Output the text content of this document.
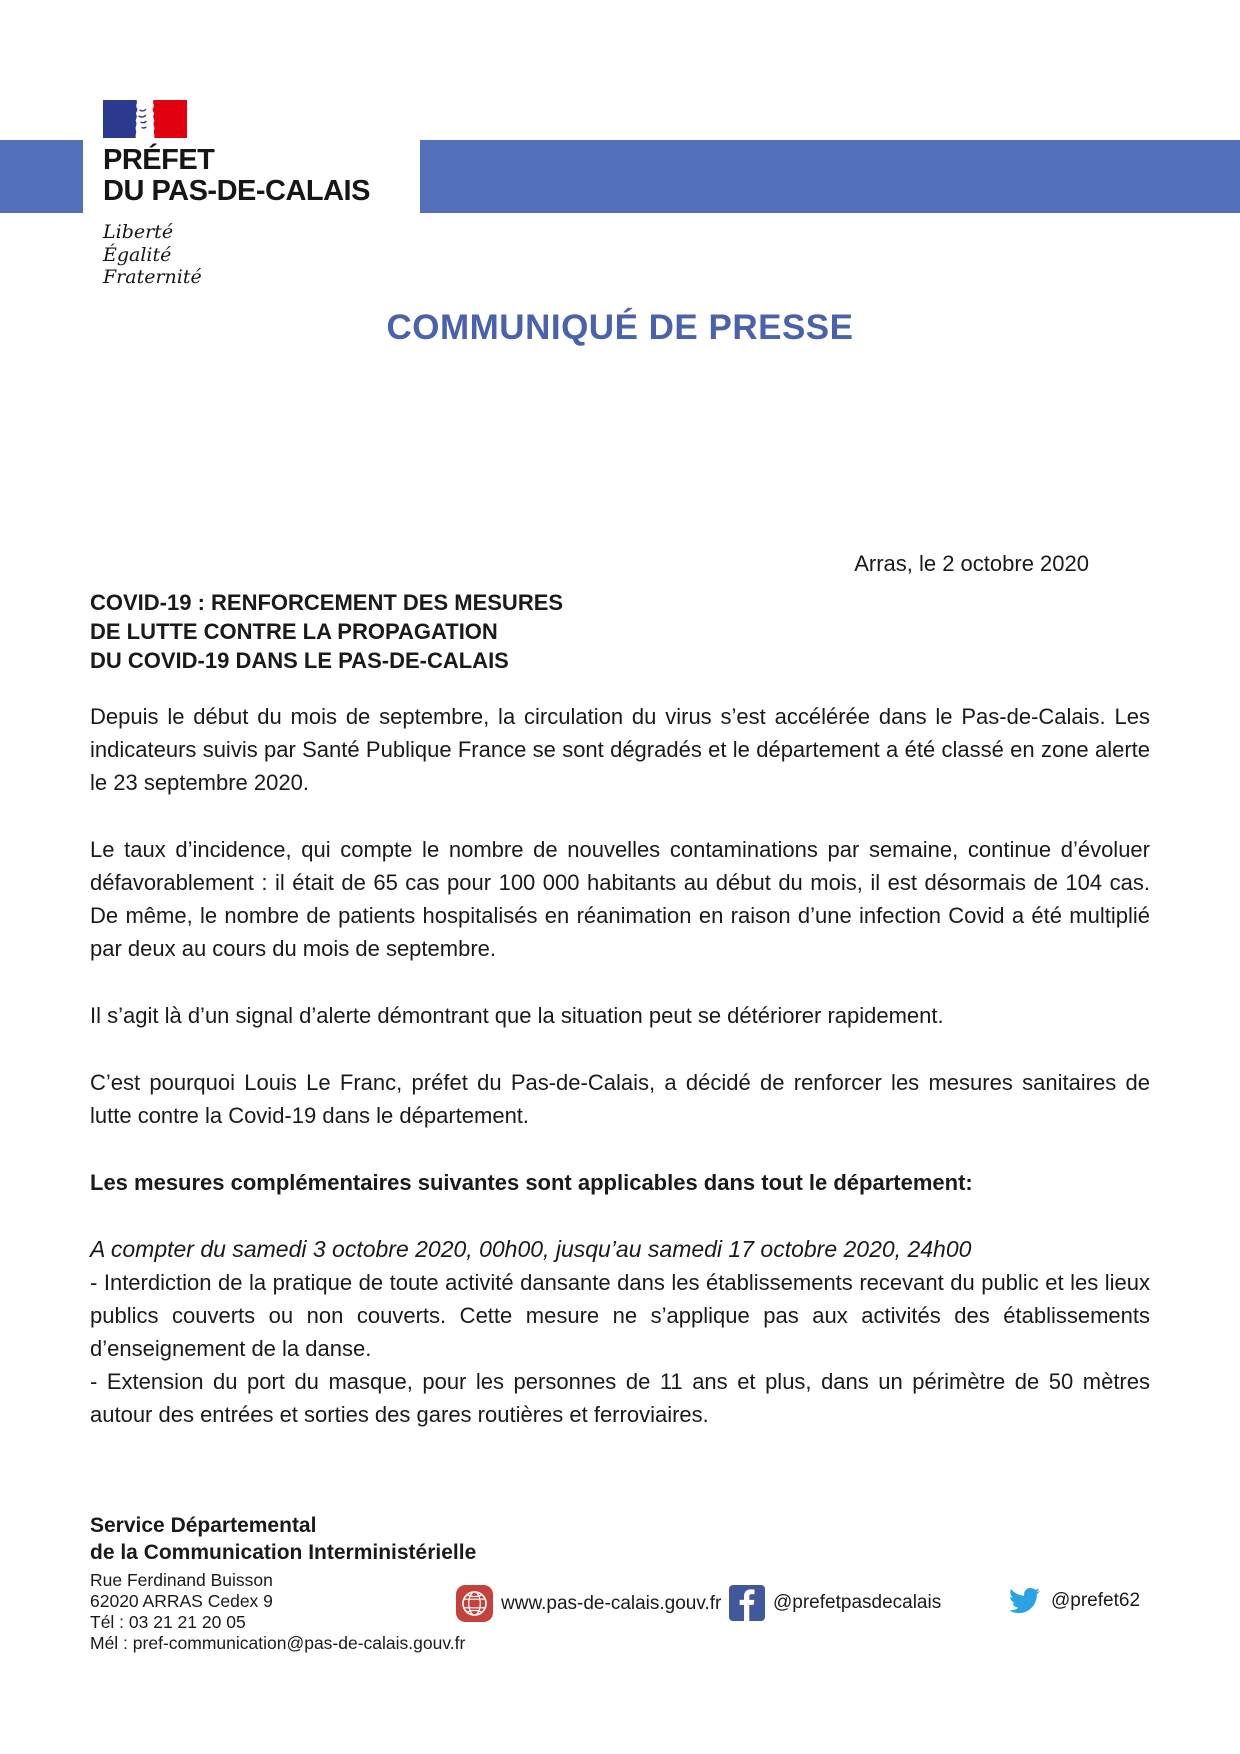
PRÉFET
DU PAS-DE-CALAIS
Liberté
Égalité
Fraternité
COMMUNIQUÉ DE PRESSE
Arras, le 2 octobre 2020
COVID-19 : RENFORCEMENT DES MESURES
DE LUTTE CONTRE LA PROPAGATION
DU COVID-19 DANS LE PAS-DE-CALAIS

Depuis le début du mois de septembre, la circulation du virus s’est accélérée dans le Pas-de-Calais. Les indicateurs suivis par Santé Publique France se sont dégradés et le département a été classé en zone alerte le 23 septembre 2020.

Le taux d’incidence, qui compte le nombre de nouvelles contaminations par semaine, continue d’évoluer défavorablement : il était de 65 cas pour 100 000 habitants au début du mois, il est désormais de 104 cas. De même, le nombre de patients hospitalisés en réanimation en raison d’une infection Covid a été multiplié par deux au cours du mois de septembre.

Il s’agit là d’un signal d’alerte démontrant que la situation peut se détériorer rapidement.

C’est pourquoi Louis Le Franc, préfet du Pas-de-Calais, a décidé de renforcer les mesures sanitaires de lutte contre la Covid-19 dans le département.

Les mesures complémentaires suivantes sont applicables dans tout le département:

A compter du samedi 3 octobre 2020, 00h00, jusqu’au samedi 17 octobre 2020, 24h00

- Interdiction de la pratique de toute activité dansante dans les établissements recevant du public et les lieux publics couverts ou non couverts. Cette mesure ne s’applique pas aux activités des établissements d’enseignement de la danse.

- Extension du port du masque, pour les personnes de 11 ans et plus, dans un périmètre de 50 mètres autour des entrées et sorties des gares routières et ferroviaires.

Service Départemental
de la Communication Interministérielle
Rue Ferdinand Buisson
62020 ARRAS Cedex 9
Tél : 03 21 21 20 05
Mél : pref-communication@pas-de-calais.gouv.fr
www.pas-de-calais.gouv.fr	@prefetpasdecalais	@prefet62
